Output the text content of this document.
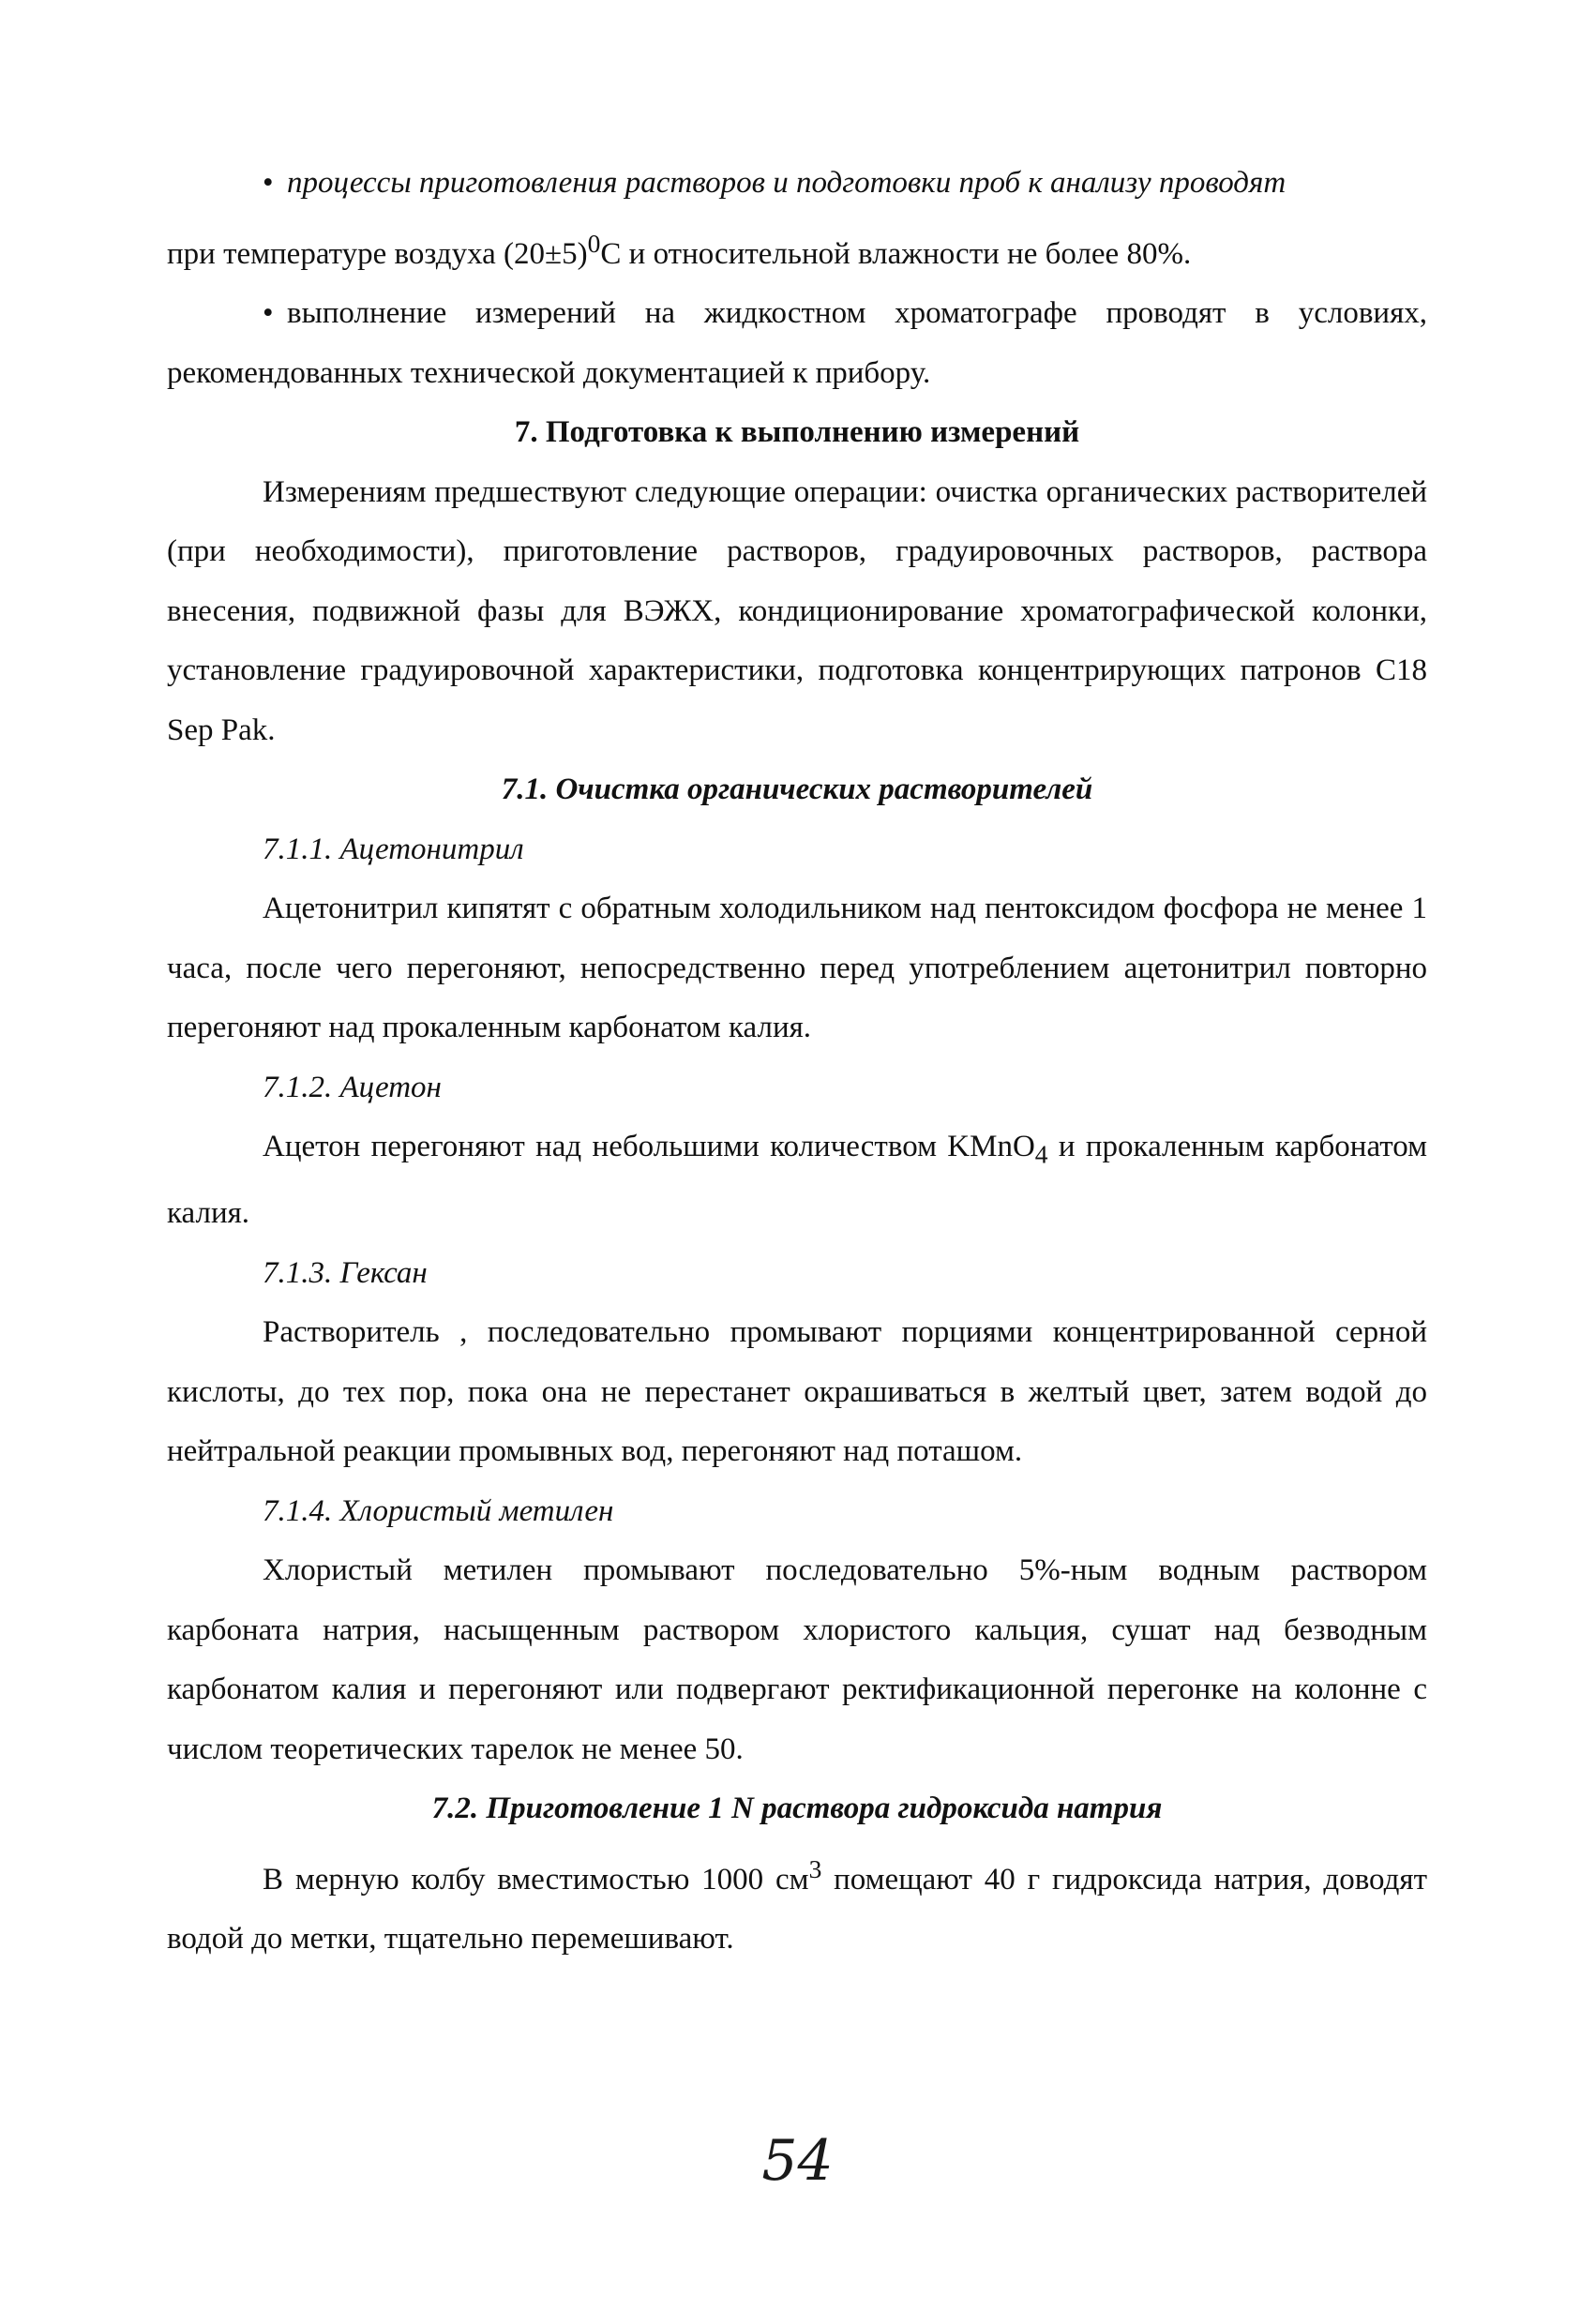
• процессы приготовления растворов и подготовки проб к анализу проводят
при температуре воздуха $(20\pm 5)^0С$ и относительной влажности не более 80%.

• выполнение измерений на жидкостном хроматографе проводят в условиях, рекомендованных технической документацией к прибору.

7. Подготовка к выполнению измерений

Измерениям предшествуют следующие операции: очистка органических растворителей (при необходимости), приготовление растворов, градуировочных растворов, раствора внесения, подвижной фазы для ВЭЖХ, кондиционирование хроматографической колонки, установление градуировочной характеристики, подготовка концентрирующих патронов С18 Sep Pak.

7.1. Очистка органических растворителей

7.1.1. Ацетонитрил

Ацетонитрил кипятят с обратным холодильником над пентоксидом фосфора не менее 1 часа, после чего перегоняют, непосредственно перед употреблением ацетонитрил повторно перегоняют над прокаленным карбонатом калия.

7.1.2. Ацетон

Ацетон перегоняют над небольшими количеством KMnO$_4$ и прокаленным карбонатом калия.

7.1.3. Гексан

Растворитель , последовательно промывают порциями концентрированной серной кислоты, до тех пор, пока она не перестанет окрашиваться в желтый цвет, затем водой до нейтральной реакции промывных вод, перегоняют над поташом.

7.1.4. Хлористый метилен

Хлористый метилен промывают последовательно 5%-ным водным раствором карбоната натрия, насыщенным раствором хлористого кальция, сушат над безводным карбонатом калия и перегоняют или подвергают ректификационной перегонке на колонне с числом теоретических тарелок не менее 50.

7.2. Приготовление 1 N раствора гидроксида натрия

В мерную колбу вместимостью 1000 $см^3$ помещают 40 г гидроксида натрия, доводят водой до метки, тщательно перемешивают.

54
